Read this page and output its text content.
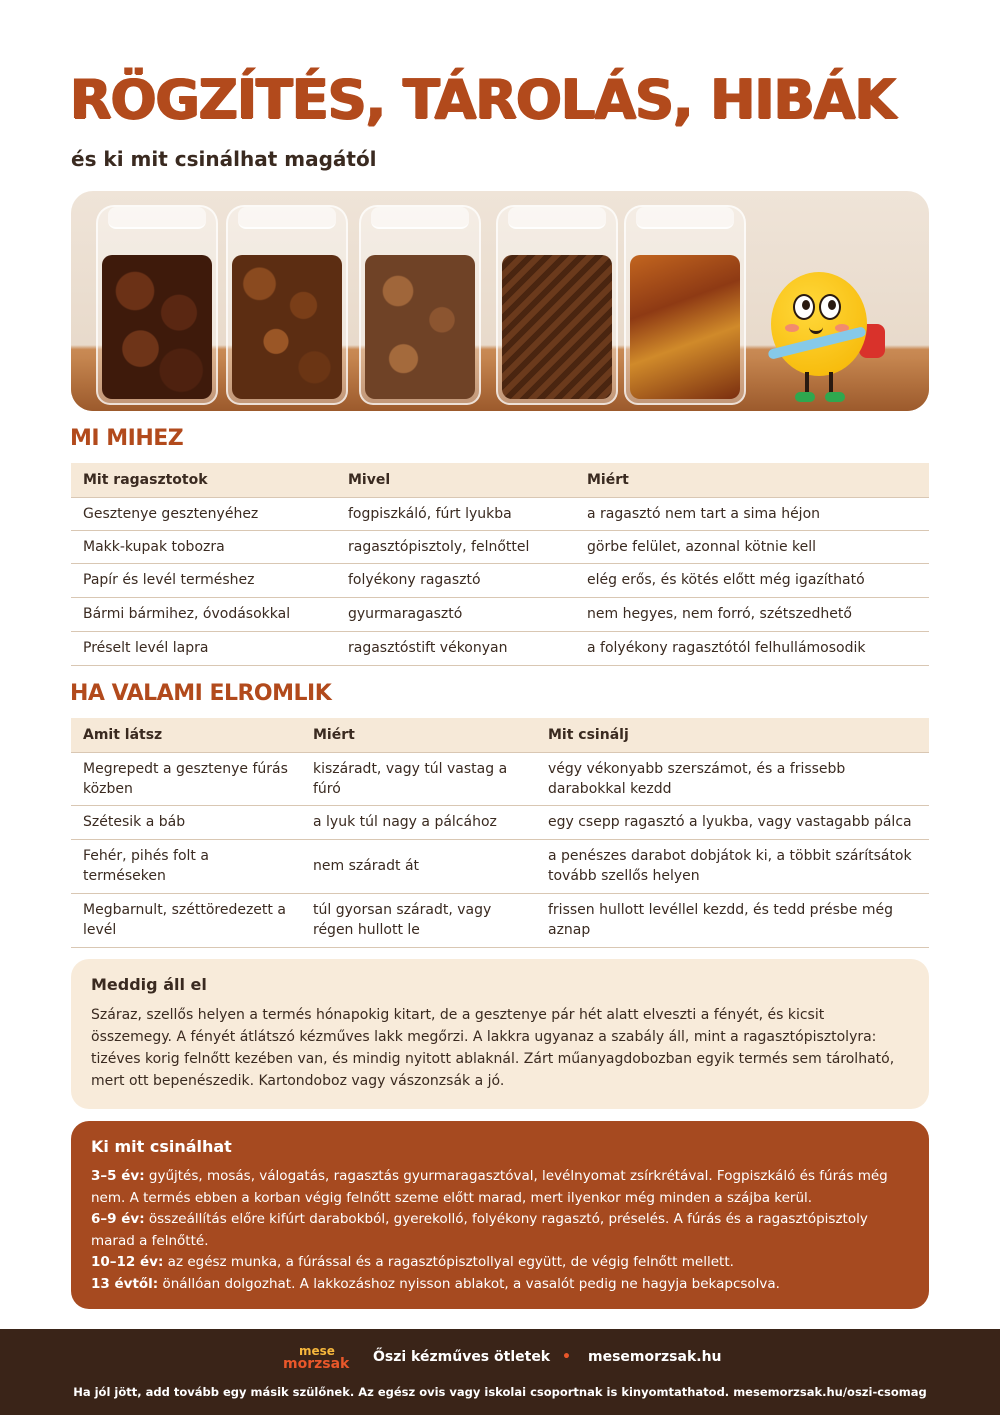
RÖGZÍTÉS, TÁROLÁS, HIBÁK
és ki mit csinálhat magától
MI MIHEZ
Mit ragasztotok	Mivel	Miért
Gesztenye gesztenyéhez	fogpiszkáló, fúrt lyukba	a ragasztó nem tart a sima héjon
Makk-kupak tobozra	ragasztópisztoly, felnőttel	görbe felület, azonnal kötnie kell
Papír és levél terméshez	folyékony ragasztó	elég erős, és kötés előtt még igazítható
Bármi bármihez, óvodásokkal	gyurmaragasztó	nem hegyes, nem forró, szétszedhető
Préselt levél lapra	ragasztóstift vékonyan	a folyékony ragasztótól felhullámosodik
HA VALAMI ELROMLIK
Amit látsz	Miért	Mit csinálj
Megrepedt a gesztenye fúrás közben	kiszáradt, vagy túl vastag a fúró	végy vékonyabb szerszámot, és a frissebb darabokkal kezdd
Szétesik a báb	a lyuk túl nagy a pálcához	egy csepp ragasztó a lyukba, vagy vastagabb pálca
Fehér, pihés folt a terméseken	nem száradt át	a penészes darabot dobjátok ki, a többit szárítsátok tovább szellős helyen
Megbarnult, széttöredezett a levél	túl gyorsan száradt, vagy régen hullott le	frissen hullott levéllel kezdd, és tedd présbe még aznap
Meddig áll el

Száraz, szellős helyen a termés hónapokig kitart, de a gesztenye pár hét alatt elveszti a fényét, és kicsit összemegy. A fényét átlátszó kézműves lakk megőrzi. A lakkra ugyanaz a szabály áll, mint a ragasztópisztolyra: tizéves korig felnőtt kezében van, és mindig nyitott ablaknál. Zárt műanyagdobozban egyik termés sem tárolható, mert ott bepenészedik. Kartondoboz vagy vászonzsák a jó.

Ki mit csinálhat

3–5 év: gyűjtés, mosás, válogatás, ragasztás gyurmaragasztóval, levélnyomat zsírkrétával. Fogpiszkáló és fúrás még nem. A termés ebben a korban végig felnőtt szeme előtt marad, mert ilyenkor még minden a szájba kerül.

6–9 év: összeállítás előre kifúrt darabokból, gyerekolló, folyékony ragasztó, préselés. A fúrás és a ragasztópisztoly marad a felnőtté.

10–12 év: az egész munka, a fúrással és a ragasztópisztollyal együtt, de végig felnőtt mellett.

13 évtől: önállóan dolgozhat. A lakkozáshoz nyisson ablakot, a vasalót pedig ne hagyja bekapcsolva.

mese
morzsak Őszi kézműves ötletek • mesemorzsak.hu
Ha jól jött, add tovább egy másik szülőnek. Az egész ovis vagy iskolai csoportnak is kinyomtathatod. mesemorzsak.hu/oszi-csomag
